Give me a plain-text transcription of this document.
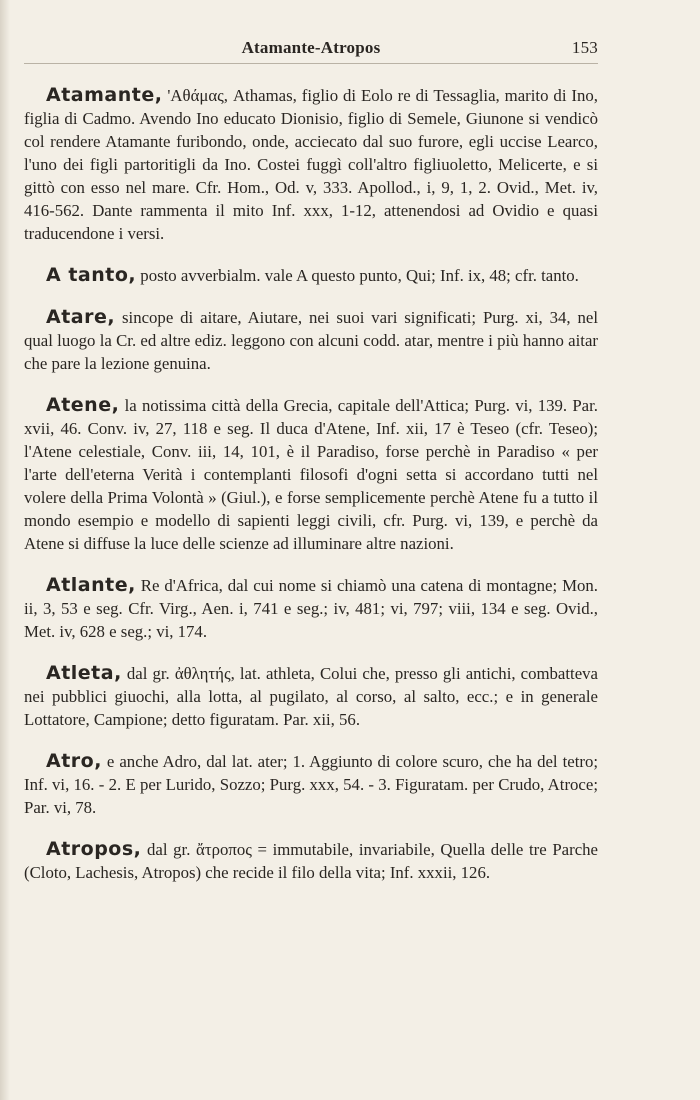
Atamante-Atropos	153

Atamante, 'Aθάμας, Athamas, figlio di Eolo re di Tessaglia, marito di Ino, figlia di Cadmo. Avendo Ino educato Dionisio, figlio di Semele, Giunone si vendicò col rendere Atamante furibondo, onde, acciecato dal suo furore, egli uccise Learco, l'uno dei figli partoritigli da Ino. Costei fuggì coll'altro figliuoletto, Melicerte, e si gittò con esso nel mare. Cfr. Hom., Od. v, 333. Apollod., i, 9, 1, 2. Ovid., Met. iv, 416-562. Dante rammenta il mito Inf. xxx, 1-12, attenendosi ad Ovidio e quasi traducendone i versi.

A tanto, posto avverbialm. vale A questo punto, Qui; Inf. ix, 48; cfr. tanto.

Atare, sincope di aitare, Aiutare, nei suoi vari significati; Purg. xi, 34, nel qual luogo la Cr. ed altre ediz. leggono con alcuni codd. atar, mentre i più hanno aitar che pare la lezione genuina.

Atene, la notissima città della Grecia, capitale dell'Attica; Purg. vi, 139. Par. xvii, 46. Conv. iv, 27, 118 e seg. Il duca d'Atene, Inf. xii, 17 è Teseo (cfr. Teseo); l'Atene celestiale, Conv. iii, 14, 101, è il Paradiso, forse perchè in Paradiso « per l'arte dell'eterna Verità i contemplanti filosofi d'ogni setta si accordano tutti nel volere della Prima Volontà » (Giul.), e forse semplicemente perchè Atene fu a tutto il mondo esempio e modello di sapienti leggi civili, cfr. Purg. vi, 139, e perchè da Atene si diffuse la luce delle scienze ad illuminare altre nazioni.

Atlante, Re d'Africa, dal cui nome si chiamò una catena di montagne; Mon. ii, 3, 53 e seg. Cfr. Virg., Aen. i, 741 e seg.; iv, 481; vi, 797; viii, 134 e seg. Ovid., Met. iv, 628 e seg.; vi, 174.

Atleta, dal gr. ἀθλητής, lat. athleta, Colui che, presso gli antichi, combatteva nei pubblici giuochi, alla lotta, al pugilato, al corso, al salto, ecc.; e in generale Lottatore, Campione; detto figuratam. Par. xii, 56.

Atro, e anche Adro, dal lat. ater; 1. Aggiunto di colore scuro, che ha del tetro; Inf. vi, 16. - 2. E per Lurido, Sozzo; Purg. xxx, 54. - 3. Figuratam. per Crudo, Atroce; Par. vi, 78.

Atropos, dal gr. ἄτροπος = immutabile, invariabile, Quella delle tre Parche (Cloto, Lachesis, Atropos) che recide il filo della vita; Inf. xxxii, 126.
